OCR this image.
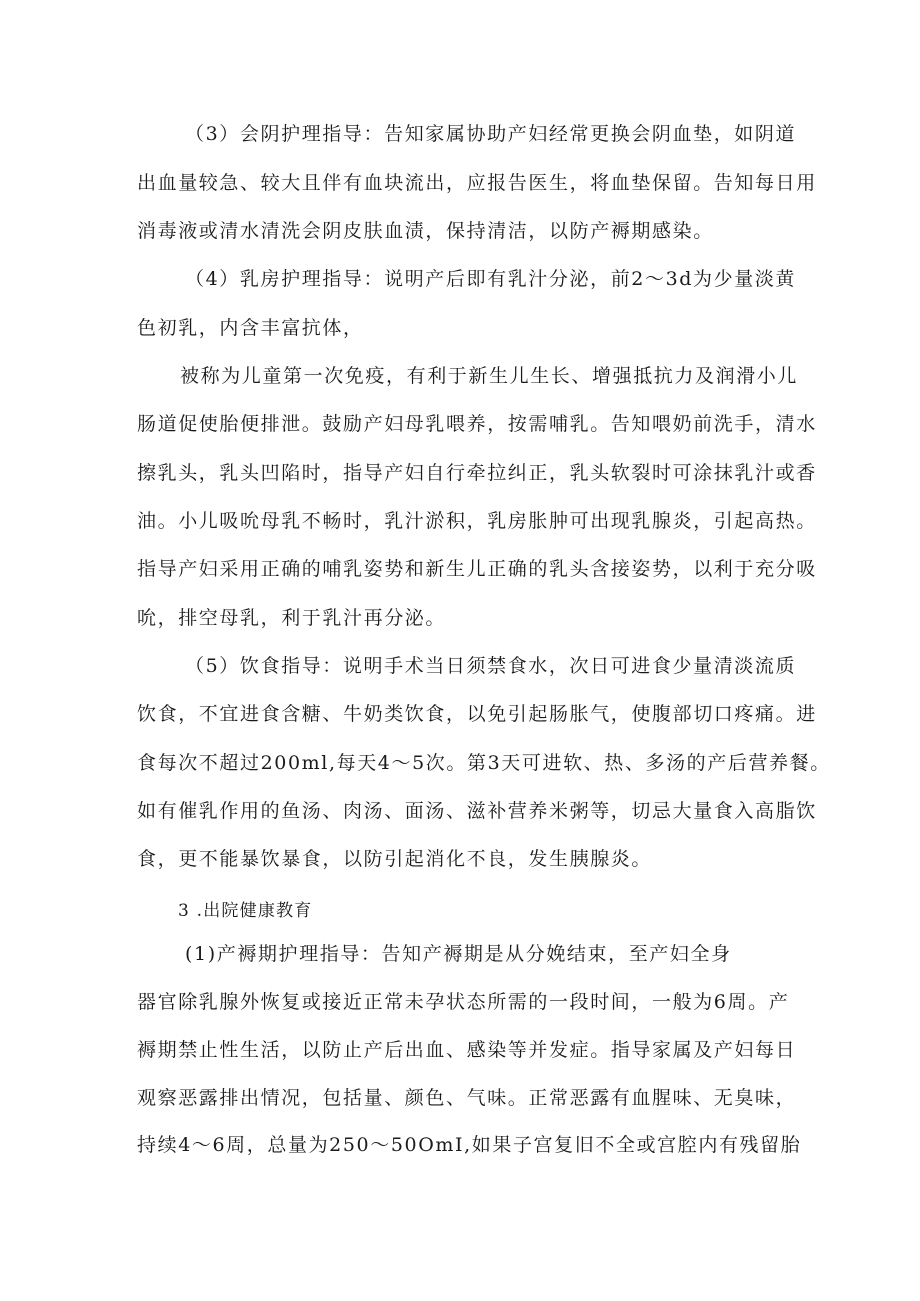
（3）会阴护理指导：告知家属协助产妇经常更换会阴血垫，如阴道

出血量较急、较大且伴有血块流出，应报告医生，将血垫保留。告知每日用

消毒液或清水清洗会阴皮肤血渍，保持清洁，以防产褥期感染。

（4）乳房护理指导：说明产后即有乳汁分泌，前2～3d为少量淡黄

色初乳，内含丰富抗体，

被称为儿童第一次免疫，有利于新生儿生长、增强抵抗力及润滑小儿

肠道促使胎便排泄。鼓励产妇母乳喂养，按需哺乳。告知喂奶前洗手，清水

擦乳头，乳头凹陷时，指导产妇自行牵拉纠正，乳头软裂时可涂抹乳汁或香

油。小儿吸吮母乳不畅时，乳汁淤积，乳房胀肿可出现乳腺炎，引起高热。

指导产妇采用正确的哺乳姿势和新生儿正确的乳头含接姿势，以利于充分吸

吮，排空母乳，利于乳汁再分泌。

（5）饮食指导：说明手术当日须禁食水，次日可进食少量清淡流质

饮食，不宜进食含糖、牛奶类饮食，以免引起肠胀气，使腹部切口疼痛。进

食每次不超过200ml,每天4～5次。第3天可进软、热、多汤的产后营养餐。

如有催乳作用的鱼汤、肉汤、面汤、滋补营养米粥等，切忌大量食入高脂饮

食，更不能暴饮暴食，以防引起消化不良，发生胰腺炎。

3 .出院健康教育

(1)产褥期护理指导：告知产褥期是从分娩结束，至产妇全身

器官除乳腺外恢复或接近正常未孕状态所需的一段时间，一般为6周。产

褥期禁止性生活，以防止产后出血、感染等并发症。指导家属及产妇每日

观察恶露排出情况，包括量、颜色、气味。正常恶露有血腥味、无臭味，

持续4～6周，总量为250～50OmI,如果子宫复旧不全或宫腔内有残留胎
